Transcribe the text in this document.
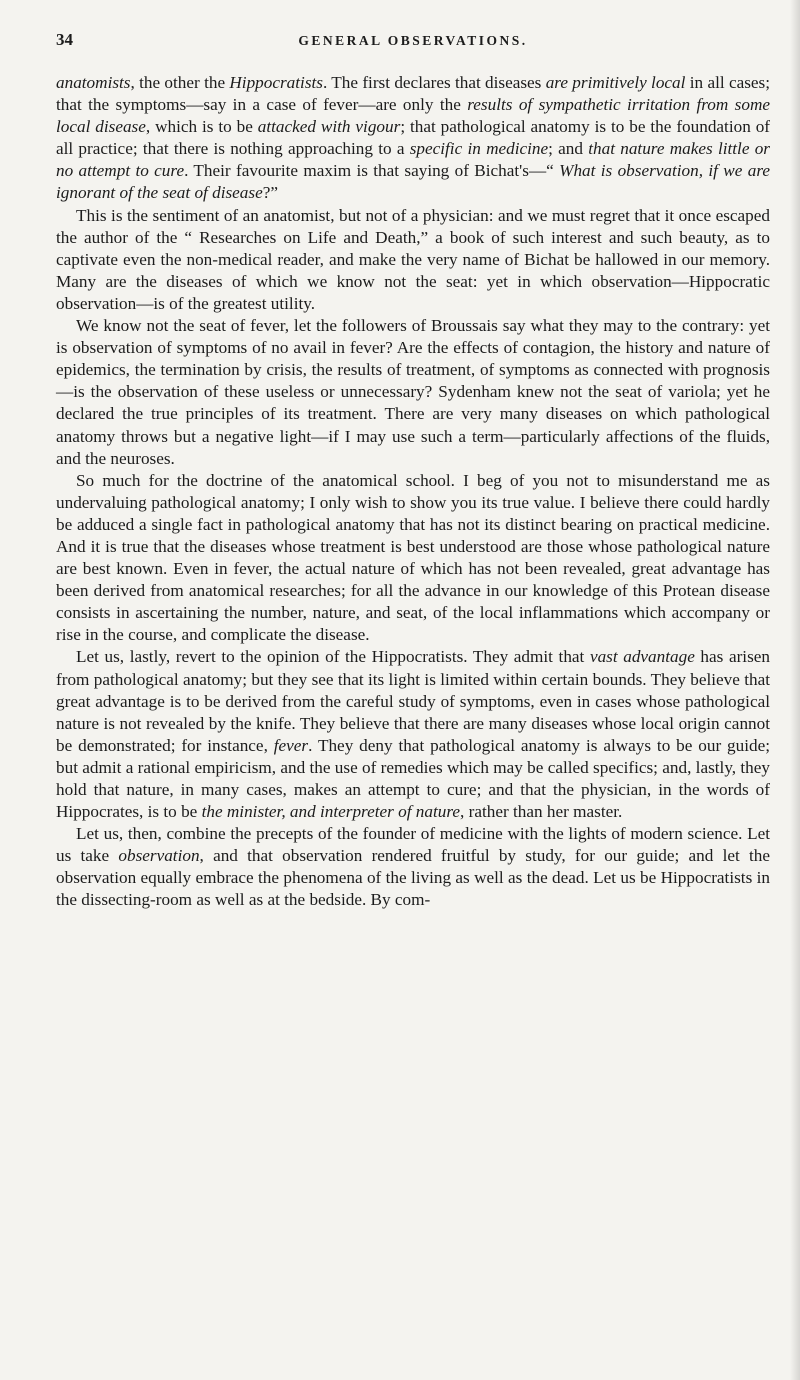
34	GENERAL OBSERVATIONS.

anatomists, the other the Hippocratists. The first declares that diseases are primitively local in all cases; that the symptoms—say in a case of fever—are only the results of sympathetic irritation from some local disease, which is to be attacked with vigour; that pathological anatomy is to be the foundation of all practice; that there is nothing approaching to a specific in medicine; and that nature makes little or no attempt to cure. Their favourite maxim is that saying of Bichat's—“ What is observation, if we are ignorant of the seat of disease?”

This is the sentiment of an anatomist, but not of a physician: and we must regret that it once escaped the author of the “ Researches on Life and Death,” a book of such interest and such beauty, as to captivate even the non-medical reader, and make the very name of Bichat be hallowed in our memory. Many are the diseases of which we know not the seat: yet in which observation—Hippocratic observation—is of the greatest utility.

We know not the seat of fever, let the followers of Broussais say what they may to the contrary: yet is observation of symptoms of no avail in fever? Are the effects of contagion, the history and nature of epidemics, the termination by crisis, the results of treatment, of symptoms as connected with prognosis—is the observation of these useless or unnecessary? Sydenham knew not the seat of variola; yet he declared the true principles of its treatment. There are very many diseases on which pathological anatomy throws but a negative light—if I may use such a term—particularly affections of the fluids, and the neuroses.

So much for the doctrine of the anatomical school. I beg of you not to misunderstand me as undervaluing pathological anatomy; I only wish to show you its true value. I believe there could hardly be adduced a single fact in pathological anatomy that has not its distinct bearing on practical medicine. And it is true that the diseases whose treatment is best understood are those whose pathological nature are best known. Even in fever, the actual nature of which has not been revealed, great advantage has been derived from anatomical researches; for all the advance in our knowledge of this Protean disease consists in ascertaining the number, nature, and seat, of the local inflammations which accompany or rise in the course, and complicate the disease.

Let us, lastly, revert to the opinion of the Hippocratists. They admit that vast advantage has arisen from pathological anatomy; but they see that its light is limited within certain bounds. They believe that great advantage is to be derived from the careful study of symptoms, even in cases whose pathological nature is not revealed by the knife. They believe that there are many diseases whose local origin cannot be demonstrated; for instance, fever. They deny that pathological anatomy is always to be our guide; but admit a rational empiricism, and the use of remedies which may be called specifics; and, lastly, they hold that nature, in many cases, makes an attempt to cure; and that the physician, in the words of Hippocrates, is to be the minister, and interpreter of nature, rather than her master.

Let us, then, combine the precepts of the founder of medicine with the lights of modern science. Let us take observation, and that observation rendered fruitful by study, for our guide; and let the observation equally embrace the phenomena of the living as well as the dead. Let us be Hippocratists in the dissecting-room as well as at the bedside. By com-
